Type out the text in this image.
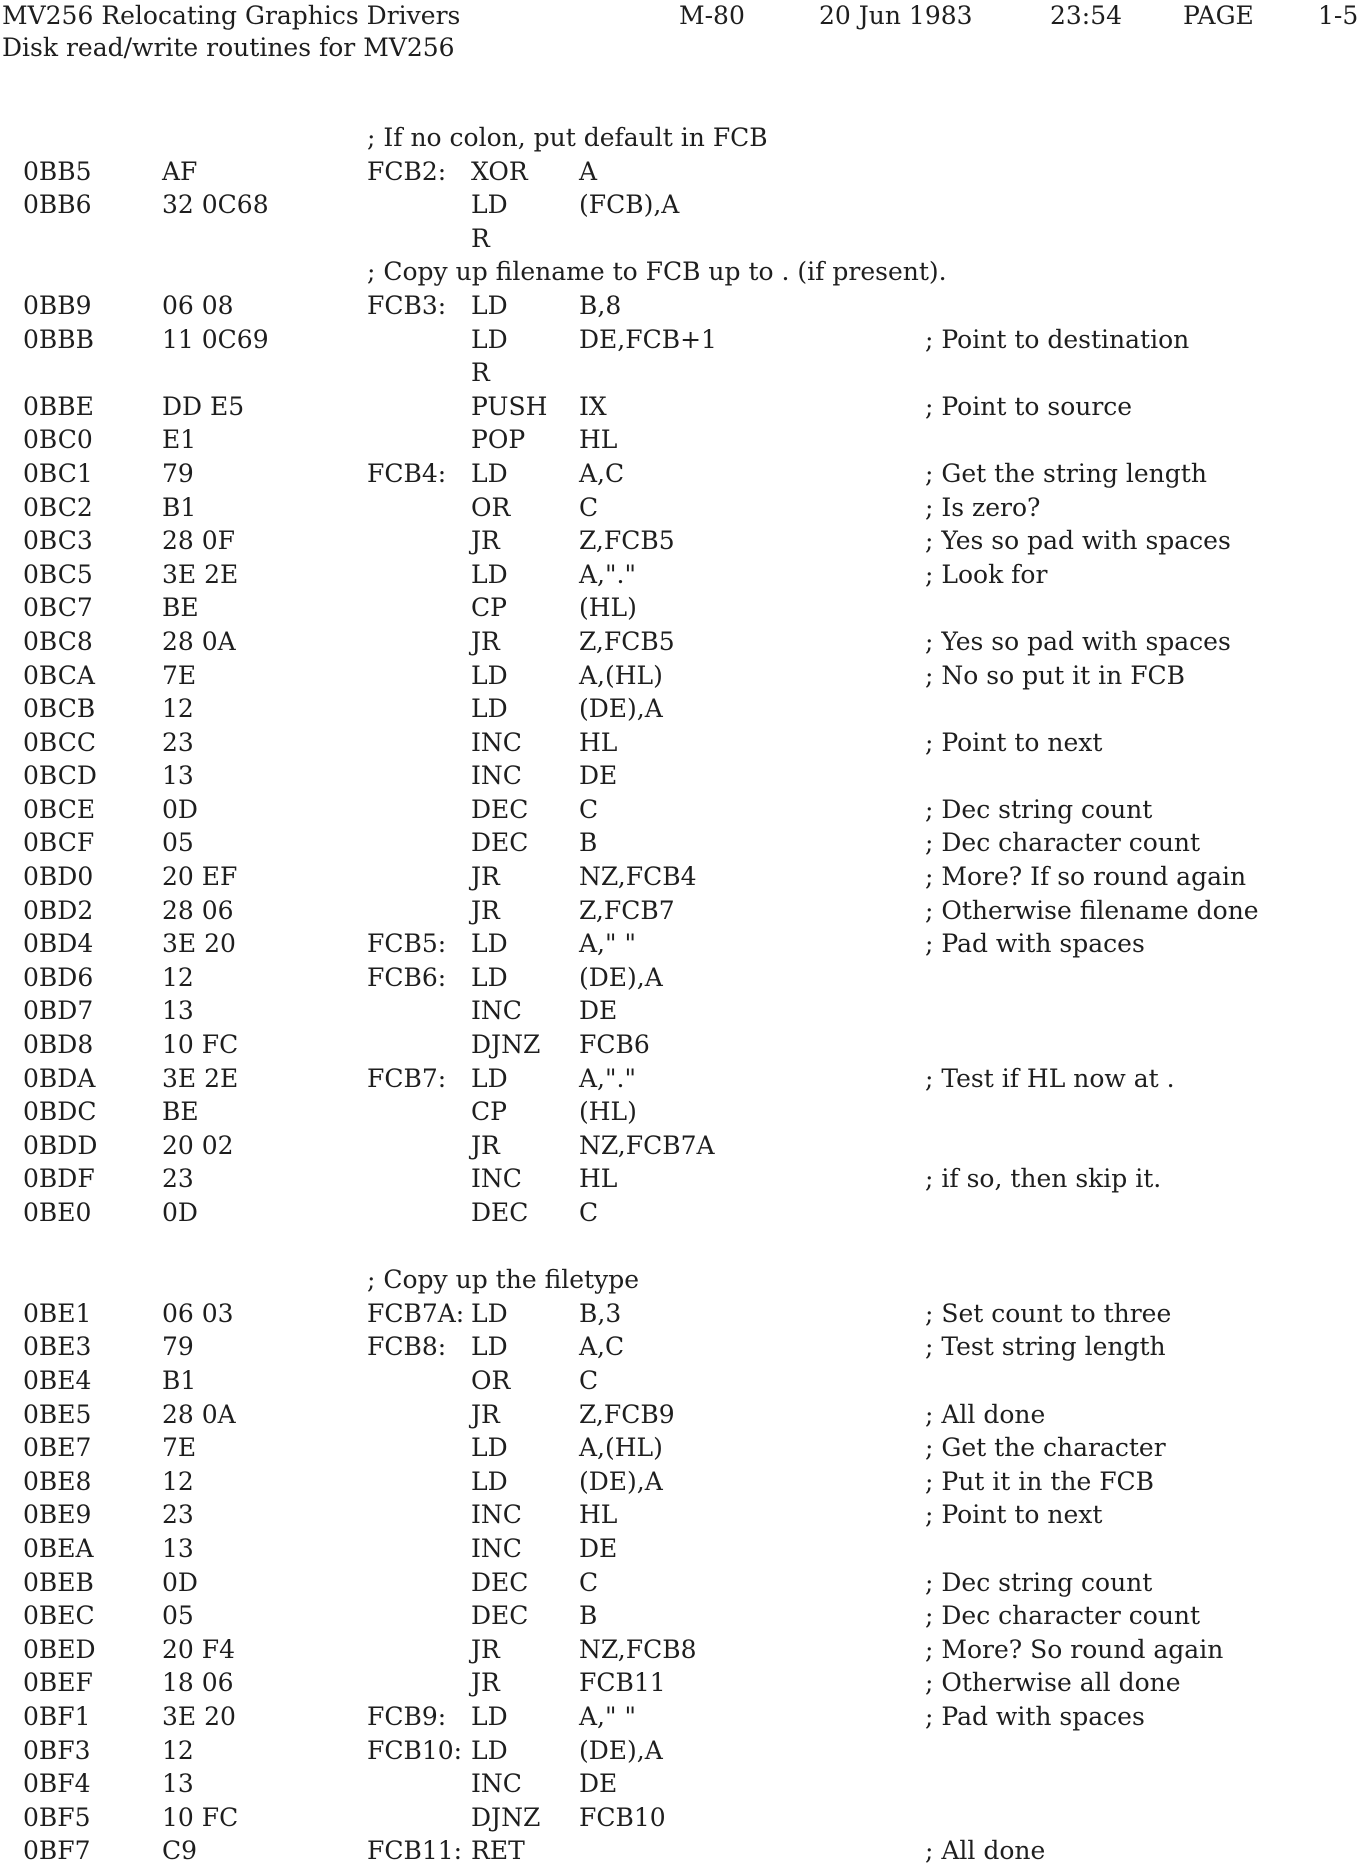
MV256 Relocating Graphics Drivers	M-80	20 Jun 1983	23:54 PAGE	1-5
Disk read/write routines for MV256
; If no colon, put default in FCB
0BB5	AF	FCB2: XOR A
0BB6	32 0C68	LD	(FCB),A
R
; Copy up filename to FCB up to . (if present).
0BB9	06 08	FCB3: LD	B,8
0BBB	11 0C69	LD	DE,FCB+1	; Point to destination
R
0BBE	DD E5	PUSH IX	; Point to source
0BC0	E1	POP HL
0BC1	79	FCB4: LD	A,C	; Get the string length
0BC2	B1	OR	C	; Is zero?
0BC3	28 0F	JR	Z,FCB5	; Yes so pad with spaces
0BC5	3E 2E	LD	A,"."	; Look for
0BC7	BE	CP	(HL)
0BC8	28 0A	JR	Z,FCB5	; Yes so pad with spaces
0BCA	7E	LD	A,(HL)	; No so put it in FCB
0BCB	12	LD	(DE),A
0BCC	23	INC HL	; Point to next
0BCD	13	INC DE
0BCE	0D	DEC C	; Dec string count
0BCF	05	DEC B	; Dec character count
0BD0	20 EF	JR	NZ,FCB4	; More? If so round again
0BD2	28 06	JR	Z,FCB7	; Otherwise filename done
0BD4	3E 20	FCB5: LD	A," "	; Pad with spaces
0BD6	12	FCB6: LD	(DE),A
0BD7	13	INC DE
0BD8	10 FC	DJNZ FCB6
0BDA	3E 2E	FCB7: LD	A,"."	; Test if HL now at .
0BDC	BE	CP	(HL)
0BDD	20 02	JR	NZ,FCB7A
0BDF	23	INC HL	; if so, then skip it.
0BE0	0D	DEC C
; Copy up the filetype
0BE1	06 03	FCB7A: LD	B,3	; Set count to three
0BE3	79	FCB8: LD	A,C	; Test string length
0BE4	B1	OR	C
0BE5	28 0A	JR	Z,FCB9	; All done
0BE7	7E	LD	A,(HL)	; Get the character
0BE8	12	LD	(DE),A	; Put it in the FCB
0BE9	23	INC HL	; Point to next
0BEA	13	INC DE
0BEB	0D	DEC C	; Dec string count
0BEC	05	DEC B	; Dec character count
0BED	20 F4	JR	NZ,FCB8	; More? So round again
0BEF	18 06	JR	FCB11	; Otherwise all done
0BF1	3E 20	FCB9: LD	A," "	; Pad with spaces
0BF3	12	FCB10: LD	(DE),A
0BF4	13	INC DE
0BF5	10 FC	DJNZ FCB10
0BF7	C9	FCB11: RET	; All done
